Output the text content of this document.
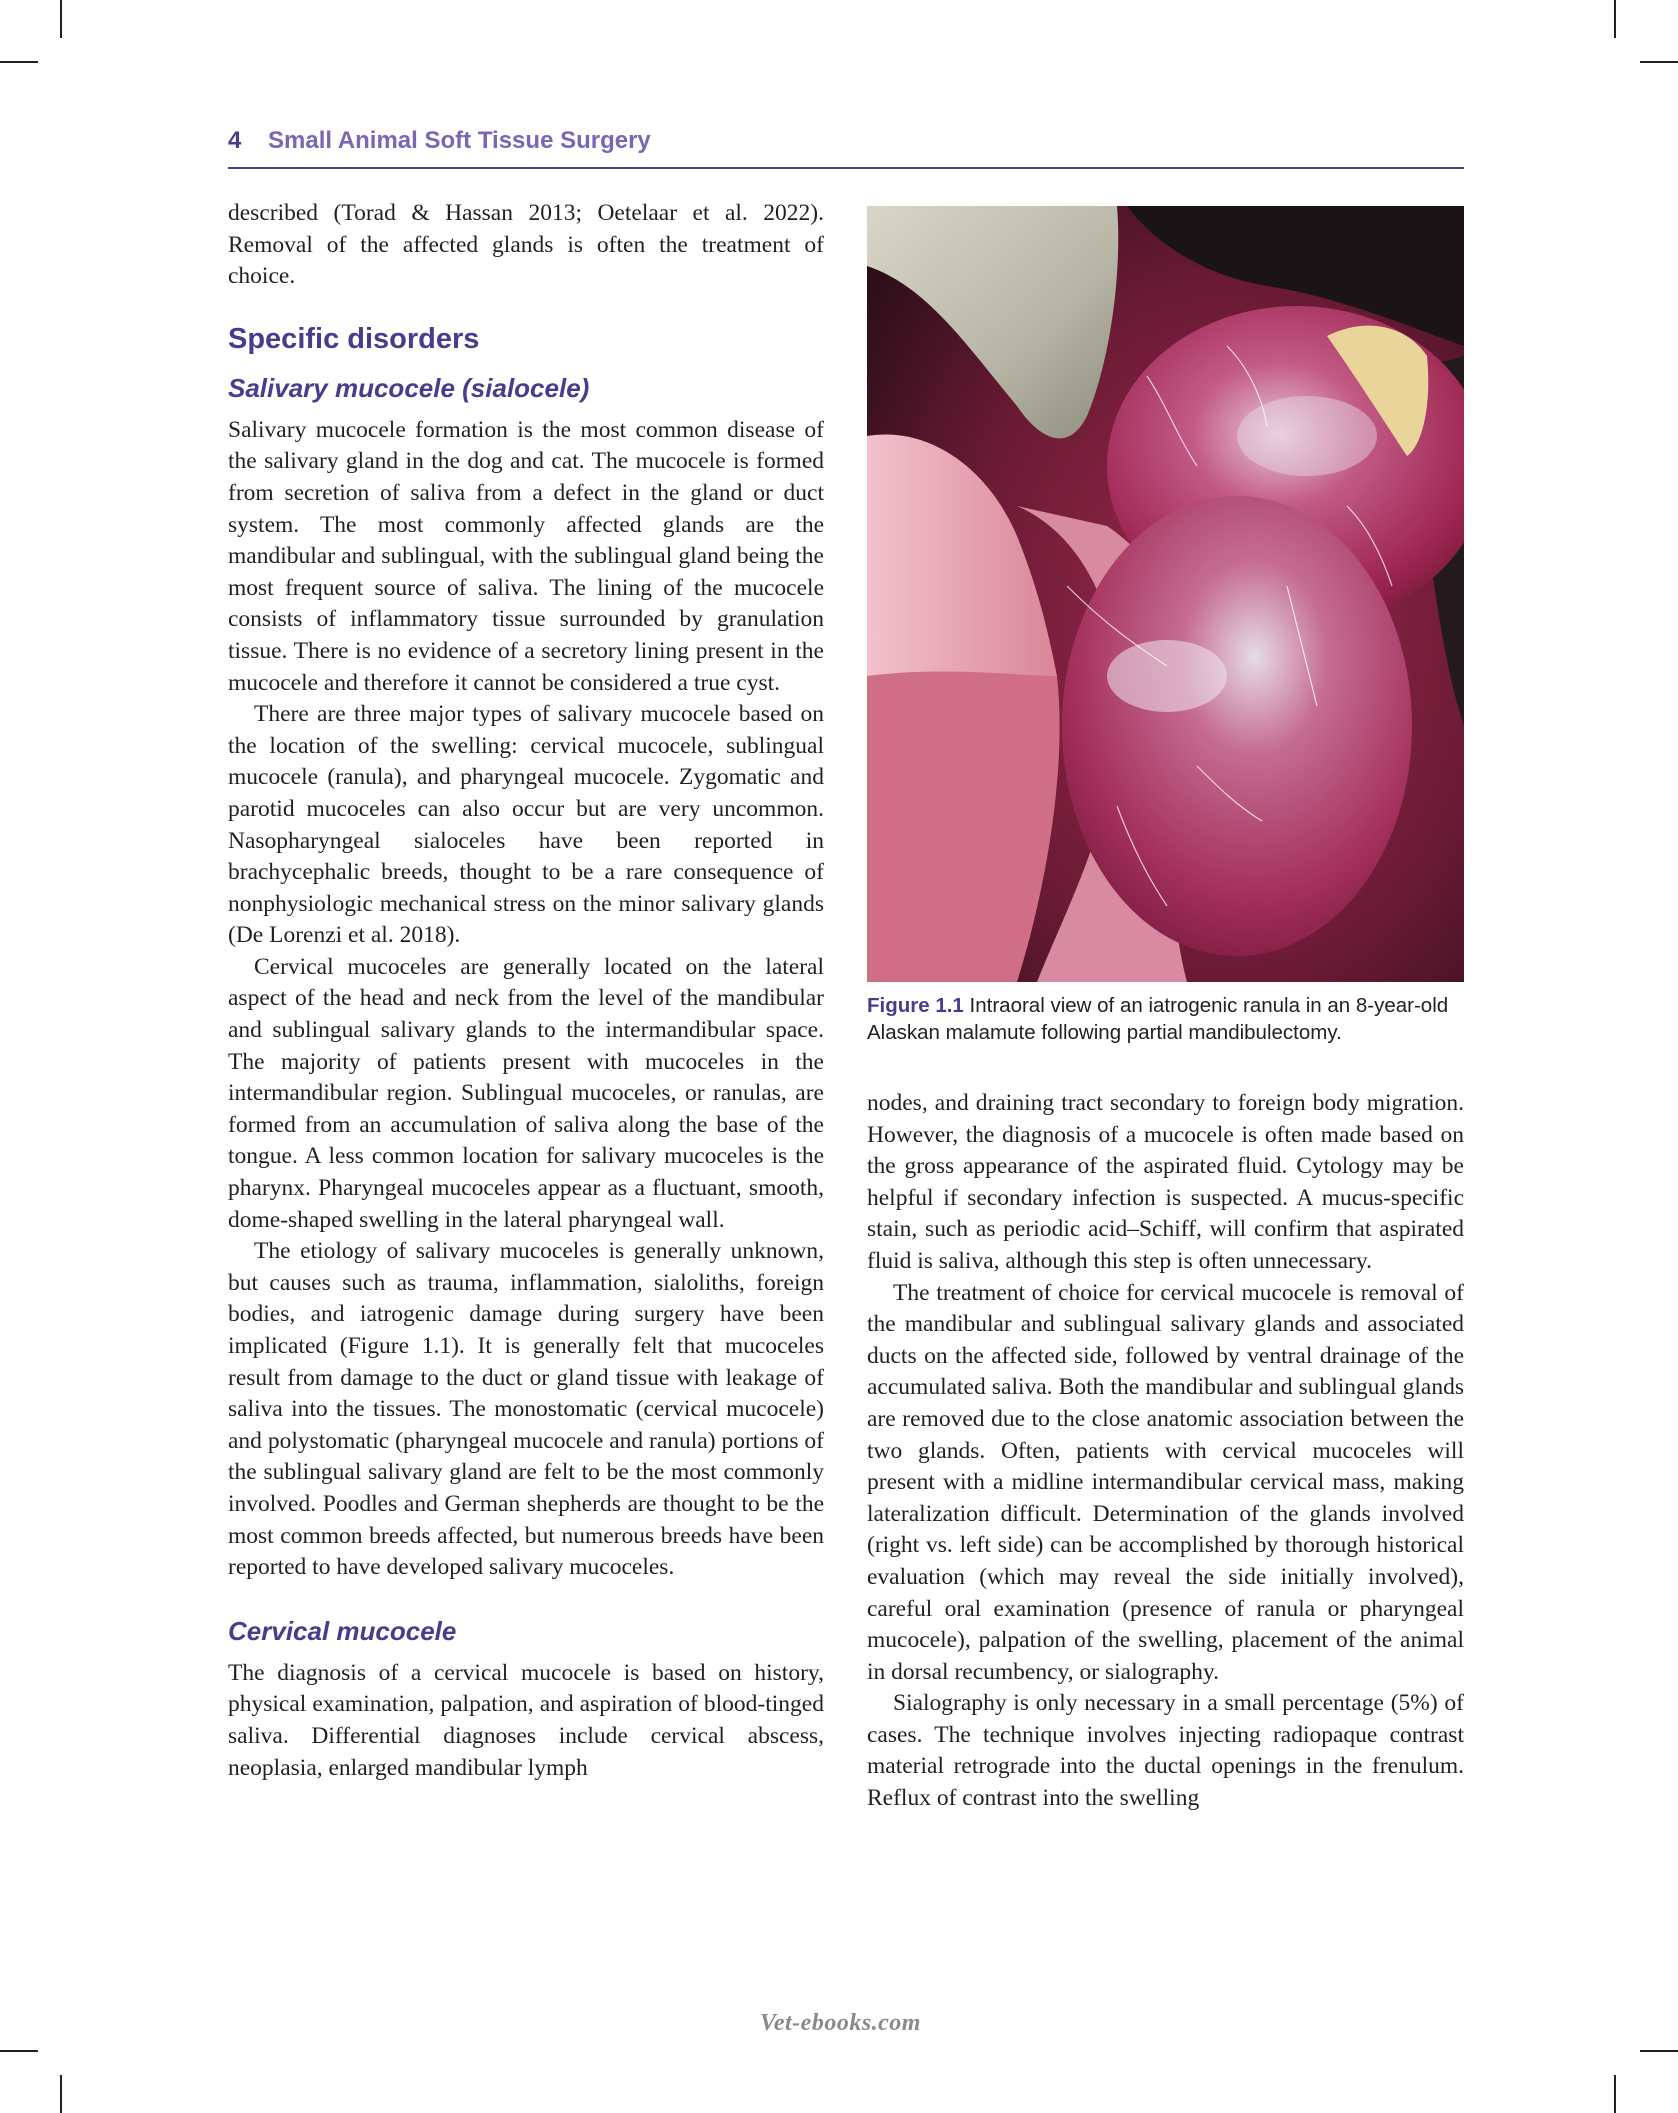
4 Small Animal Soft Tissue Surgery

described (Torad & Hassan 2013; Oetelaar et al. 2022). Removal of the affected glands is often the treatment of choice.

Specific disorders
Salivary mucocele (sialocele)

Salivary mucocele formation is the most common disease of the salivary gland in the dog and cat. The mucocele is formed from secretion of saliva from a defect in the gland or duct system. The most commonly affected glands are the mandibular and sublingual, with the sublingual gland being the most frequent source of saliva. The lining of the mucocele consists of inflammatory tissue surrounded by granulation tissue. There is no evidence of a secretory lining present in the mucocele and therefore it cannot be considered a true cyst.

There are three major types of salivary mucocele based on the location of the swelling: cervical mucocele, sublingual mucocele (ranula), and pharyngeal mucocele. Zygomatic and parotid mucoceles can also occur but are very uncommon. Nasopharyngeal sialoceles have been reported in brachycephalic breeds, thought to be a rare consequence of nonphysiologic mechanical stress on the minor salivary glands (De Lorenzi et al. 2018).

Cervical mucoceles are generally located on the lateral aspect of the head and neck from the level of the mandibular and sublingual salivary glands to the intermandibular space. The majority of patients present with mucoceles in the intermandibular region. Sublingual mucoceles, or ranulas, are formed from an accumulation of saliva along the base of the tongue. A less common location for salivary mucoceles is the pharynx. Pharyngeal mucoceles appear as a fluctuant, smooth, dome-shaped swelling in the lateral pharyngeal wall.

The etiology of salivary mucoceles is generally unknown, but causes such as trauma, inflammation, sialoliths, foreign bodies, and iatrogenic damage during surgery have been implicated (Figure 1.1). It is generally felt that mucoceles result from damage to the duct or gland tissue with leakage of saliva into the tissues. The monostomatic (cervical mucocele) and polystomatic (pharyngeal mucocele and ranula) portions of the sublingual salivary gland are felt to be the most commonly involved. Poodles and German shepherds are thought to be the most common breeds affected, but numerous breeds have been reported to have developed salivary mucoceles.

Cervical mucocele

The diagnosis of a cervical mucocele is based on history, physical examination, palpation, and aspiration of blood-tinged saliva. Differential diagnoses include cervical abscess, neoplasia, enlarged mandibular lymph

Figure 1.1 Intraoral view of an iatrogenic ranula in an 8-year-old Alaskan malamute following partial mandibulectomy.

nodes, and draining tract secondary to foreign body migration. However, the diagnosis of a mucocele is often made based on the gross appearance of the aspirated fluid. Cytology may be helpful if secondary infection is suspected. A mucus-specific stain, such as periodic acid–Schiff, will confirm that aspirated fluid is saliva, although this step is often unnecessary.

The treatment of choice for cervical mucocele is removal of the mandibular and sublingual salivary glands and associated ducts on the affected side, followed by ventral drainage of the accumulated saliva. Both the mandibular and sublingual glands are removed due to the close anatomic association between the two glands. Often, patients with cervical mucoceles will present with a midline intermandibular cervical mass, making lateralization difficult. Determination of the glands involved (right vs. left side) can be accomplished by thorough historical evaluation (which may reveal the side initially involved), careful oral examination (presence of ranula or pharyngeal mucocele), palpation of the swelling, placement of the animal in dorsal recumbency, or sialography.

Sialography is only necessary in a small percentage (5%) of cases. The technique involves injecting radiopaque contrast material retrograde into the ductal openings in the frenulum. Reflux of contrast into the swelling

Vet-ebooks.com
